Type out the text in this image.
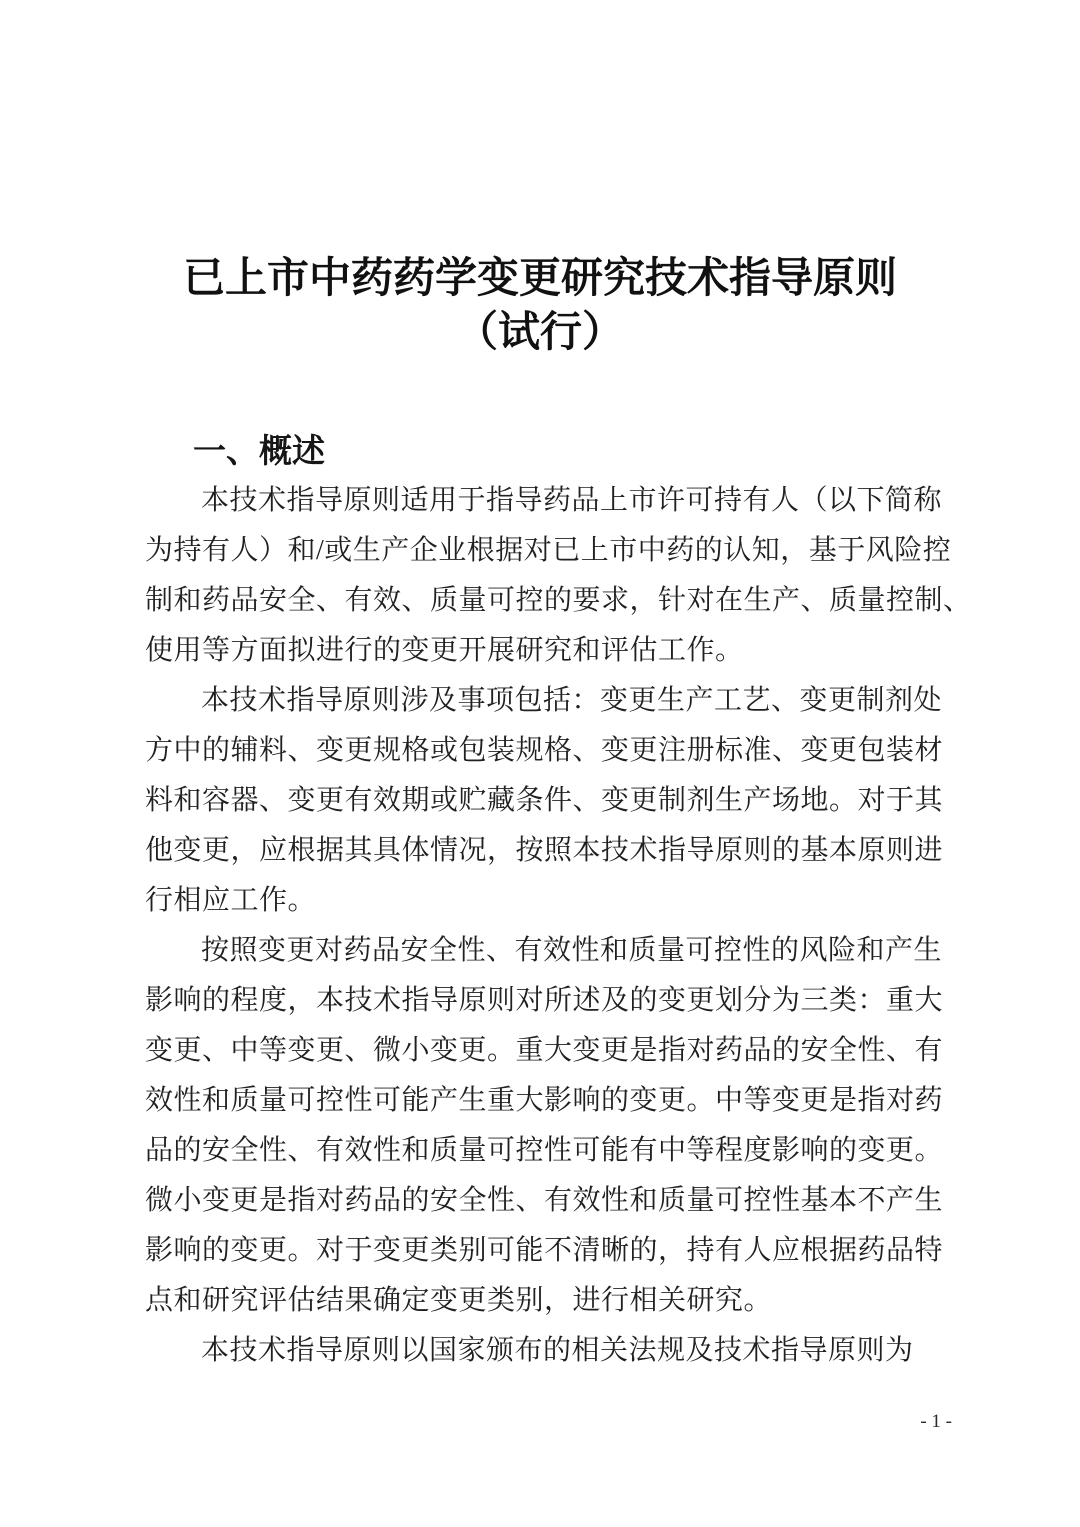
已上市中药药学变更研究技术指导原则
（试行）
一、概述
本技术指导原则适用于指导药品上市许可持有人（以下简称
为持有人）和/或生产企业根据对已上市中药的认知，基于风险控
制和药品安全、有效、质量可控的要求，针对在生产、质量控制、
使用等方面拟进行的变更开展研究和评估工作。
本技术指导原则涉及事项包括：变更生产工艺、变更制剂处
方中的辅料、变更规格或包装规格、变更注册标准、变更包装材
料和容器、变更有效期或贮藏条件、变更制剂生产场地。对于其
他变更，应根据其具体情况，按照本技术指导原则的基本原则进
行相应工作。
按照变更对药品安全性、有效性和质量可控性的风险和产生
影响的程度，本技术指导原则对所述及的变更划分为三类：重大
变更、中等变更、微小变更。重大变更是指对药品的安全性、有
效性和质量可控性可能产生重大影响的变更。中等变更是指对药
品的安全性、有效性和质量可控性可能有中等程度影响的变更。
微小变更是指对药品的安全性、有效性和质量可控性基本不产生
影响的变更。对于变更类别可能不清晰的，持有人应根据药品特
点和研究评估结果确定变更类别，进行相关研究。
本技术指导原则以国家颁布的相关法规及技术指导原则为
- 1 -
